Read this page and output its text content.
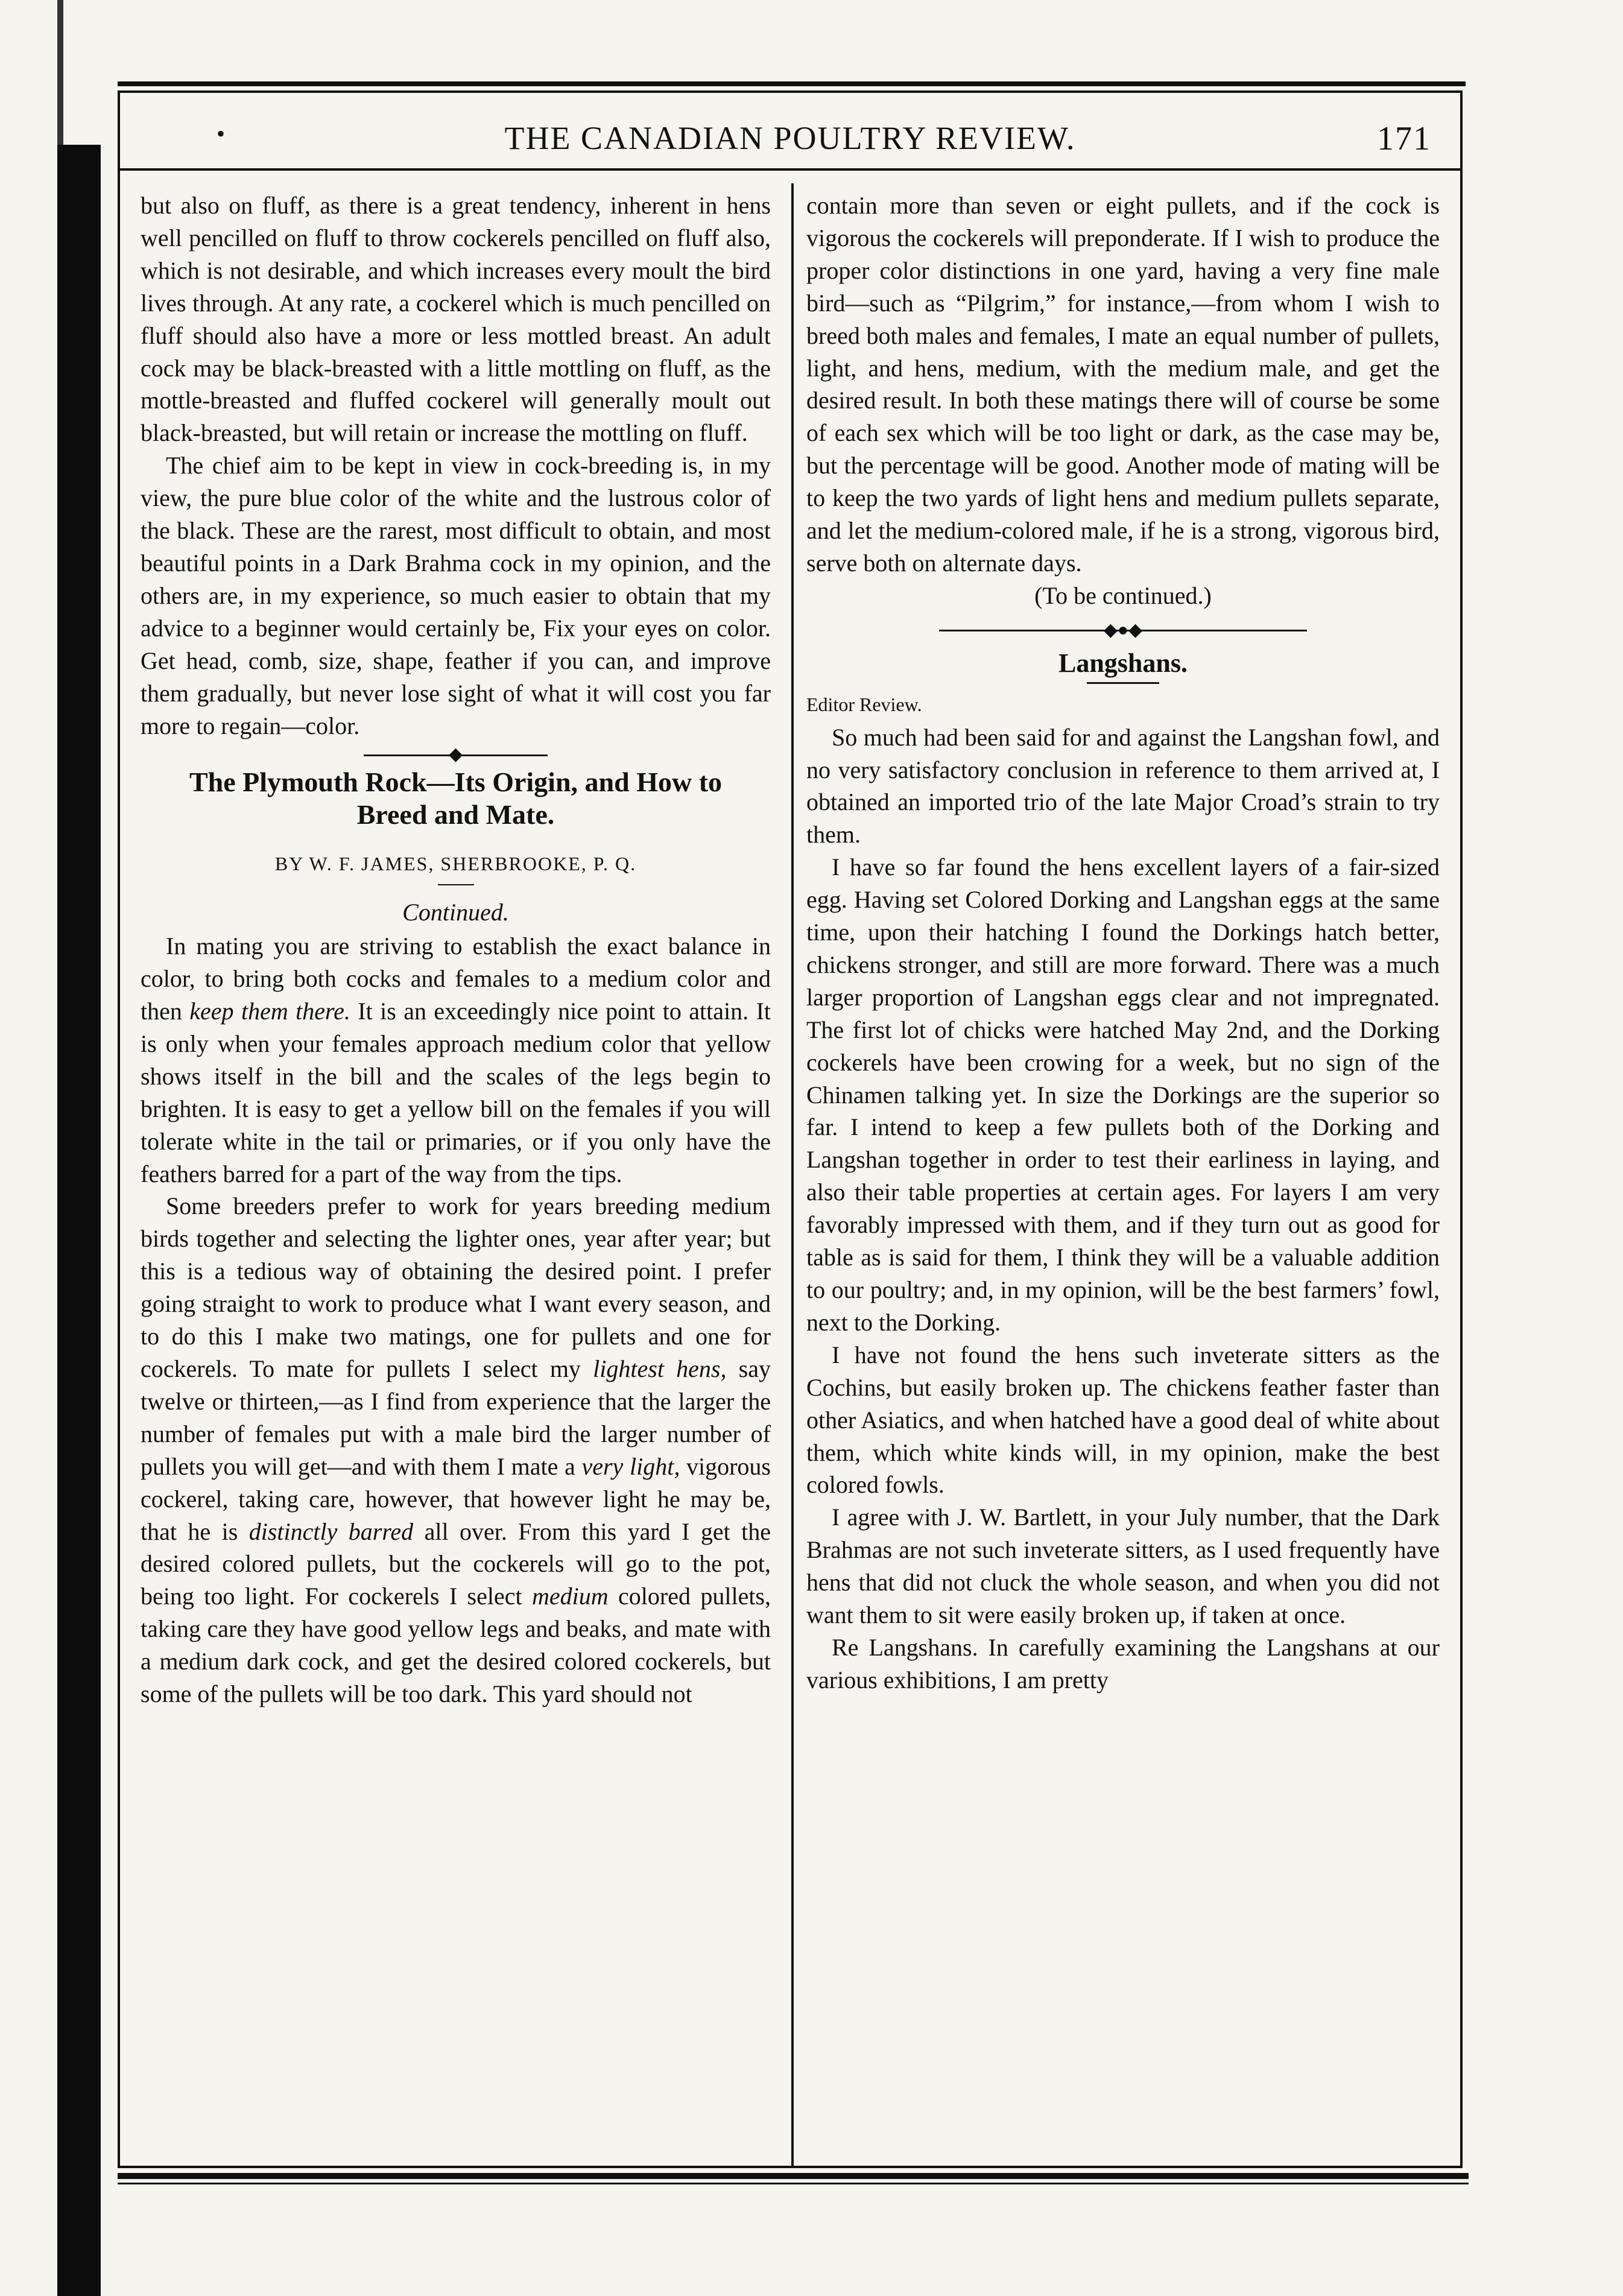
•	THE CANADIAN POULTRY REVIEW.	171

but also on fluff, as there is a great tendency, inherent in hens well pencilled on fluff to throw cockerels pencilled on fluff also, which is not desirable, and which increases every moult the bird lives through. At any rate, a cockerel which is much pencilled on fluff should also have a more or less mottled breast. An adult cock may be black-breasted with a little mottling on fluff, as the mottle-breasted and fluffed cockerel will generally moult out black-breasted, but will retain or increase the mottling on fluff.

The chief aim to be kept in view in cock-breeding is, in my view, the pure blue color of the white and the lustrous color of the black. These are the rarest, most difficult to obtain, and most beautiful points in a Dark Brahma cock in my opinion, and the others are, in my experience, so much easier to obtain that my advice to a beginner would certainly be, Fix your eyes on color. Get head, comb, size, shape, feather if you can, and improve them gradually, but never lose sight of what it will cost you far more to regain—color.

◆
The Plymouth Rock—Its Origin, and How to
Breed and Mate.
BY W. F. JAMES, SHERBROOKE, P. Q.
Continued.

In mating you are striving to establish the exact balance in color, to bring both cocks and females to a medium color and then keep them there. It is an exceedingly nice point to attain. It is only when your females approach medium color that yellow shows itself in the bill and the scales of the legs begin to brighten. It is easy to get a yellow bill on the females if you will tolerate white in the tail or primaries, or if you only have the feathers barred for a part of the way from the tips.

Some breeders prefer to work for years breeding medium birds together and selecting the lighter ones, year after year; but this is a tedious way of obtaining the desired point. I prefer going straight to work to produce what I want every season, and to do this I make two matings, one for pullets and one for cockerels. To mate for pullets I select my lightest hens, say twelve or thirteen,—as I find from experience that the larger the number of females put with a male bird the larger number of pullets you will get—and with them I mate a very light, vigorous cockerel, taking care, however, that however light he may be, that he is distinctly barred all over. From this yard I get the desired colored pullets, but the cockerels will go to the pot, being too light. For cockerels I select medium colored pullets, taking care they have good yellow legs and beaks, and mate with a medium dark cock, and get the desired colored cockerels, but some of the pullets will be too dark. This yard should not

contain more than seven or eight pullets, and if the cock is vigorous the cockerels will preponderate. If I wish to produce the proper color distinctions in one yard, having a very fine male bird—such as “Pilgrim,” for instance,—from whom I wish to breed both males and females, I mate an equal number of pullets, light, and hens, medium, with the medium male, and get the desired result. In both these matings there will of course be some of each sex which will be too light or dark, as the case may be, but the percentage will be good. Another mode of mating will be to keep the two yards of light hens and medium pullets separate, and let the medium-colored male, if he is a strong, vigorous bird, serve both on alternate days.

(To be continued.)
◆●◆
Langshans.
Editor Review.

So much had been said for and against the Langshan fowl, and no very satisfactory conclusion in reference to them arrived at, I obtained an imported trio of the late Major Croad’s strain to try them.

I have so far found the hens excellent layers of a fair-sized egg. Having set Colored Dorking and Langshan eggs at the same time, upon their hatching I found the Dorkings hatch better, chickens stronger, and still are more forward. There was a much larger proportion of Langshan eggs clear and not impregnated. The first lot of chicks were hatched May 2nd, and the Dorking cockerels have been crowing for a week, but no sign of the Chinamen talking yet. In size the Dorkings are the superior so far. I intend to keep a few pullets both of the Dorking and Langshan together in order to test their earliness in laying, and also their table properties at certain ages. For layers I am very favorably impressed with them, and if they turn out as good for table as is said for them, I think they will be a valuable addition to our poultry; and, in my opinion, will be the best farmers’ fowl, next to the Dorking.

I have not found the hens such inveterate sitters as the Cochins, but easily broken up. The chickens feather faster than other Asiatics, and when hatched have a good deal of white about them, which white kinds will, in my opinion, make the best colored fowls.

I agree with J. W. Bartlett, in your July number, that the Dark Brahmas are not such inveterate sitters, as I used frequently have hens that did not cluck the whole season, and when you did not want them to sit were easily broken up, if taken at once.

Re Langshans. In carefully examining the Langshans at our various exhibitions, I am pretty
